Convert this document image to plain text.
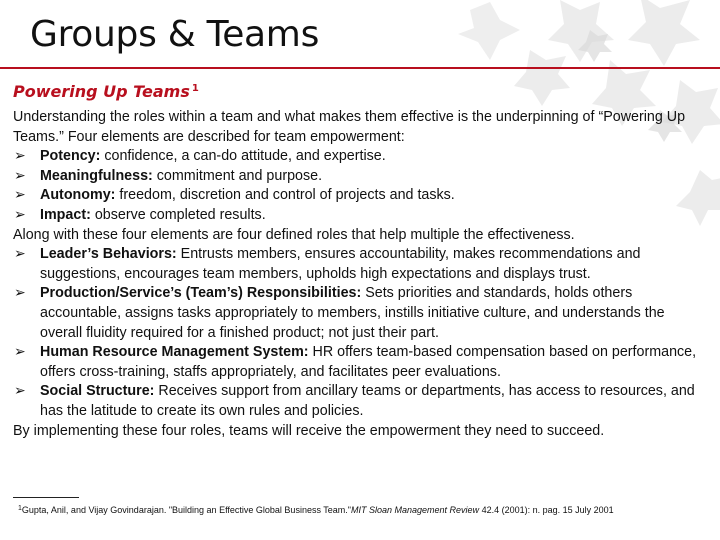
Groups & Teams
Powering Up Teams $^1$

Understanding the roles within a team and what makes them effective is the underpinning of “Powering Up Teams.” Four elements are described for team empowerment:

➢ Potency: confidence, a can-do attitude, and expertise.

➢ Meaningfulness: commitment and purpose.

➢ Autonomy: freedom, discretion and control of projects and tasks.

➢ Impact: observe completed results.

Along with these four elements are four defined roles that help multiple the effectiveness.

➢ Leader’s Behaviors: Entrusts members, ensures accountability, makes recommendations and suggestions, encourages team members, upholds high expectations and displays trust.

➢ Production/Service’s (Team’s) Responsibilities: Sets priorities and standards, holds others accountable, assigns tasks appropriately to members, instills initiative culture, and understands the overall fluidity required for a finished product; not just their part.

➢ Human Resource Management System: HR offers team-based compensation based on performance, offers cross-training, staffs appropriately, and facilitates peer evaluations.

➢ Social Structure: Receives support from ancillary teams or departments, has access to resources, and has the latitude to create its own rules and policies.

By implementing these four roles, teams will receive the empowerment they need to succeed.

$^1$Gupta, Anil, and Vijay Govindarajan. "Building an Effective Global Business Team."MIT Sloan Management Review 42.4 (2001): n. pag. 15 July 2001
